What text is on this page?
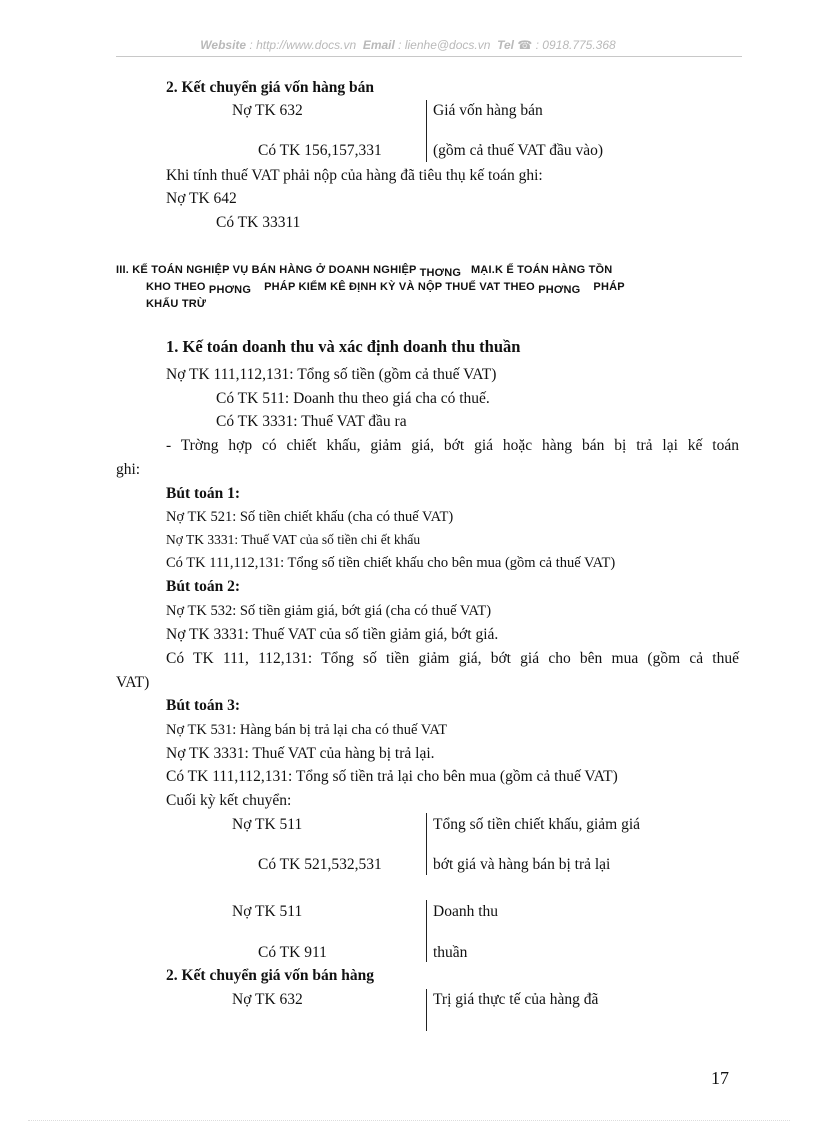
Website : http://www.docs.vn Email : lienhe@docs.vn Tel ☎ : 0918.775.368
2. Kết chuyển giá vốn hàng bán
Nợ TK 632	Giá vốn hàng bán
Có TK 156,157,331	(gồm cả thuế VAT đầu vào)
Khi tính thuế VAT phải nộp của hàng đã tiêu thụ kế toán ghi:
Nợ TK 642
Có TK 33311
III. KẾ TOÁN NGHIỆP VỤ BÁN HÀNG Ở DOANH NGHIỆP THƠNG MẠI.K Ế TOÁN HÀNG TỒN
KHO THEO PHƠNG PHÁP KIỂM KÊ ĐỊNH KỲ VÀ NỘP THUẾ VAT THEO PHƠNG PHÁP
KHẤU TRỪ
1. Kế toán doanh thu và xác định doanh thu thuần
Nợ TK 111,112,131: Tổng số tiền (gồm cả thuế VAT)
Có TK 511: Doanh thu theo giá cha có thuế.
Có TK 3331: Thuế VAT đầu ra
- Trờng hợp có chiết khấu, giảm giá, bớt giá hoặc hàng bán bị trả lại kế toán
ghi:
Bút toán 1:
Nợ TK 521: Số tiền chiết khấu (cha có thuế VAT)
Nợ TK 3331: Thuế VAT của số tiền chi ết khấu
Có TK 111,112,131: Tổng số tiền chiết khấu cho bên mua (gồm cả thuế VAT)
Bút toán 2:
Nợ TK 532: Số tiền giảm giá, bớt giá (cha có thuế VAT)
Nợ TK 3331: Thuế VAT của số tiền giảm giá, bớt giá.
Có TK 111, 112,131: Tổng số tiền giảm giá, bớt giá cho bên mua (gồm cả thuế
VAT)
Bút toán 3:
Nợ TK 531: Hàng bán bị trả lại cha có thuế VAT
Nợ TK 3331: Thuế VAT của hàng bị trả lại.
Có TK 111,112,131: Tổng số tiền trả lại cho bên mua (gồm cả thuế VAT)
Cuối kỳ kết chuyển:
Nợ TK 511	Tổng số tiền chiết khấu, giảm giá
Có TK 521,532,531	bớt giá và hàng bán bị trả lại
Nợ TK 511	Doanh thu
Có TK 911	thuần
2. Kết chuyển giá vốn bán hàng
Nợ TK 632	Trị giá thực tế của hàng đã
17
